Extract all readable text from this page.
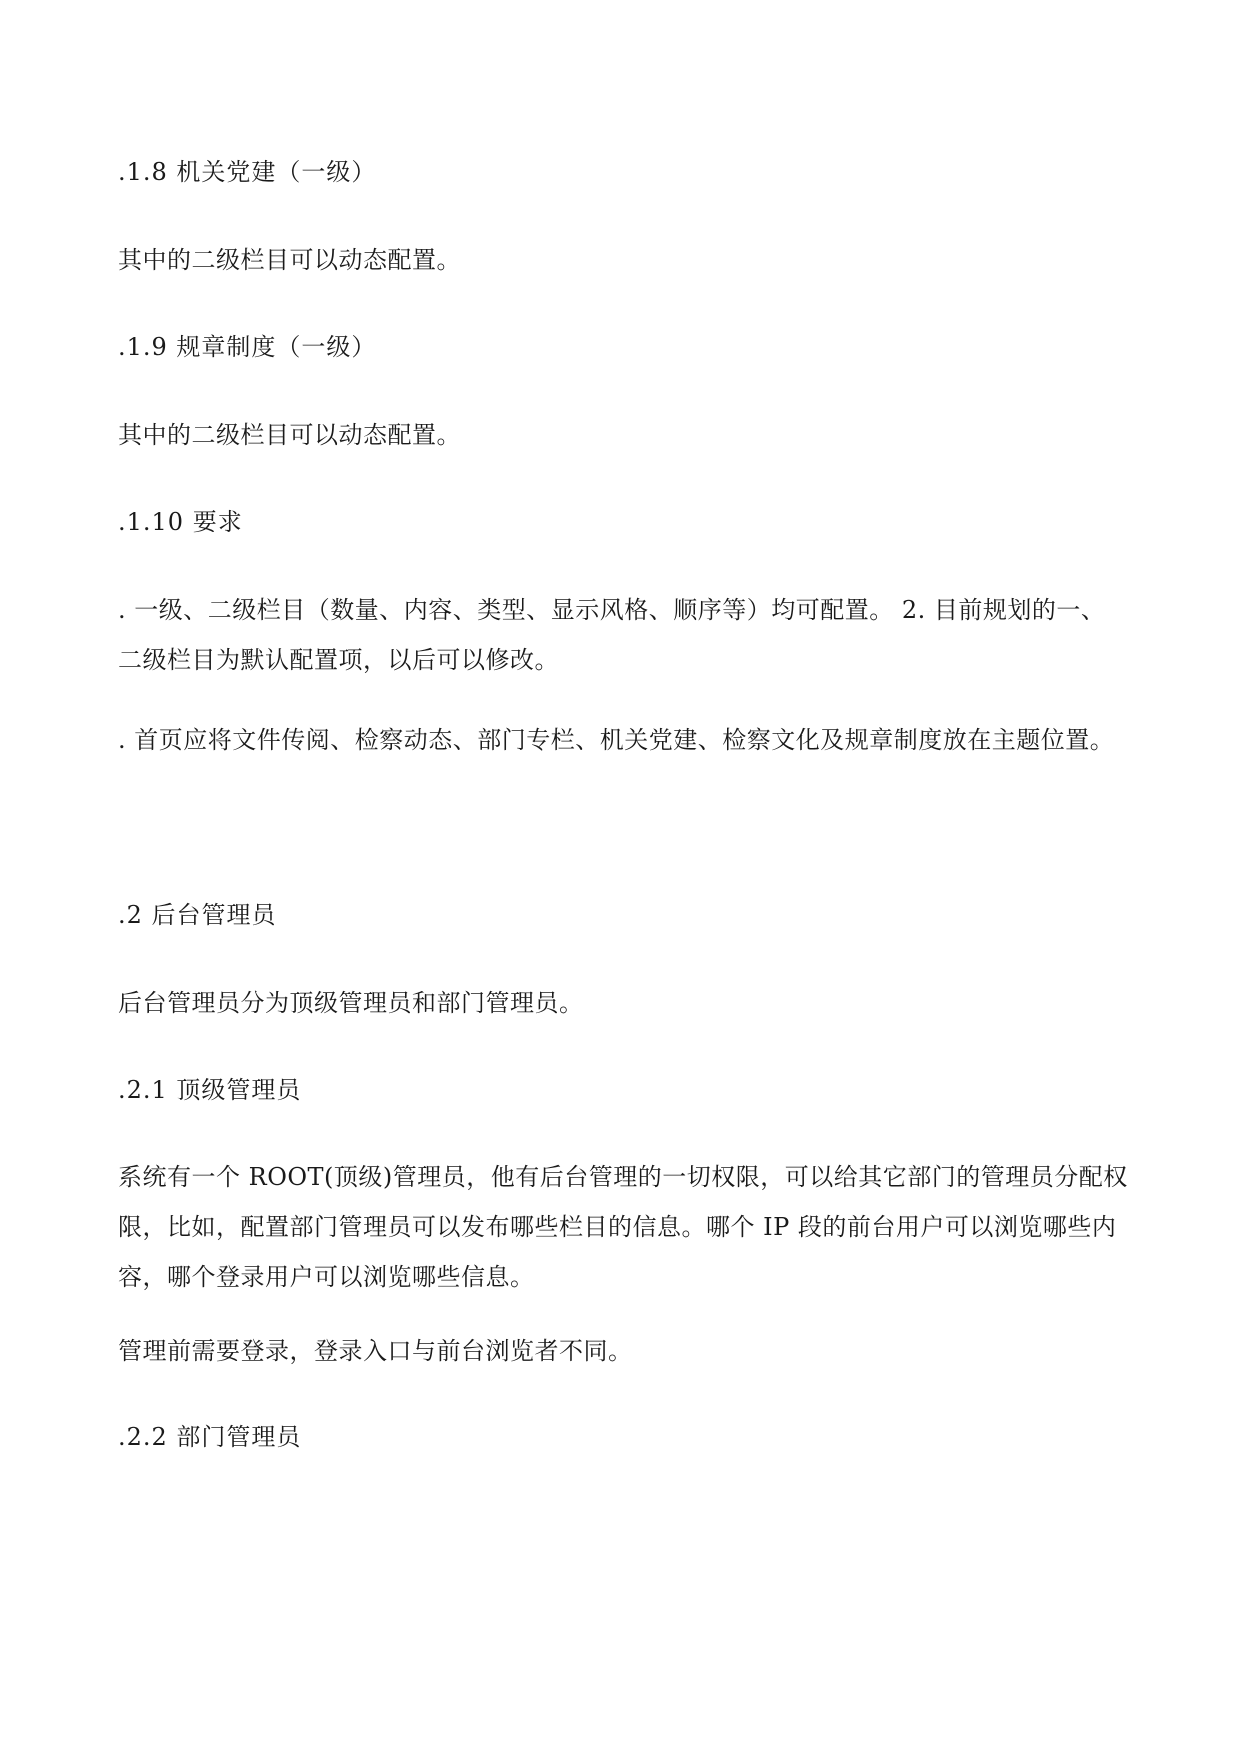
.1.8 机关党建（一级）
其中的二级栏目可以动态配置。
.1.9 规章制度（一级）
其中的二级栏目可以动态配置。
.1.10 要求
. 一级、二级栏目（数量、内容、类型、显示风格、顺序等）均可配置。 2. 目前规划的一、二级栏目为默认配置项，以后可以修改。
. 首页应将文件传阅、检察动态、部门专栏、机关党建、检察文化及规章制度放在主题位置。
.2 后台管理员
后台管理员分为顶级管理员和部门管理员。
.2.1 顶级管理员
系统有一个 ROOT(顶级)管理员，他有后台管理的一切权限，可以给其它部门的管理员分配权限，比如，配置部门管理员可以发布哪些栏目的信息。哪个 IP 段的前台用户可以浏览哪些内容，哪个登录用户可以浏览哪些信息。
管理前需要登录，登录入口与前台浏览者不同。
.2.2 部门管理员
